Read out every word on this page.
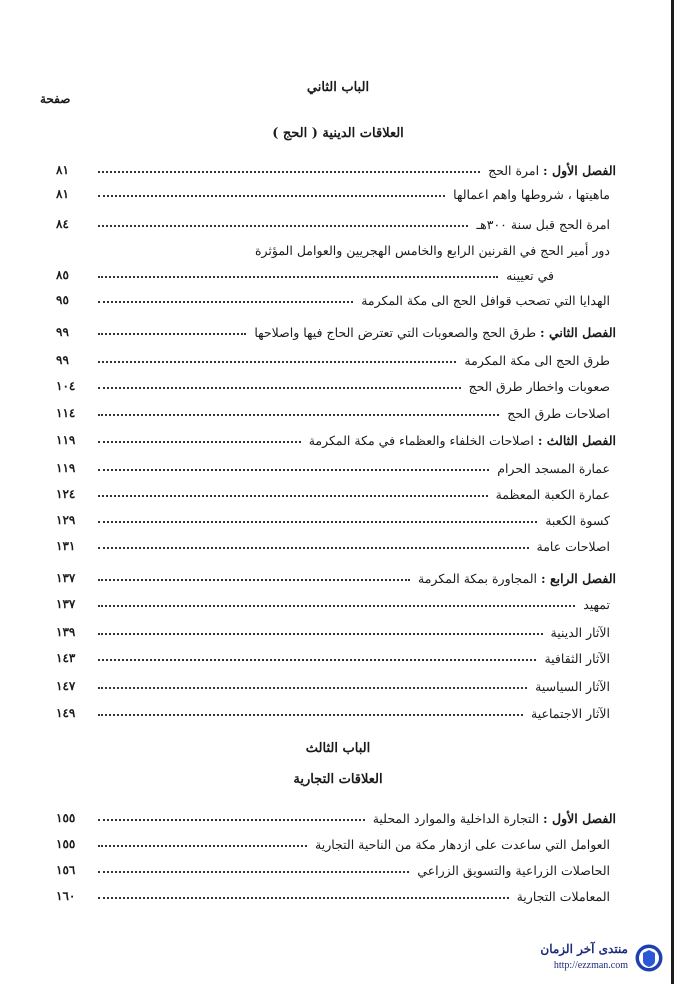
صفحة
الباب الثاني
العلاقات الدينية ( الحج )
الفصل الأول : امرة الحج
٨١
ماهيتها ، شروطها واهم اعمالها
٨١
امرة الحج قبل سنة ٣٠٠هـ
٨٤
دور أمير الحج في القرنين الرابع والخامس الهجريين والعوامل المؤثرة
في تعيينه
٨٥
الهدايا التي تصحب قوافل الحج الى مكة المكرمة
٩٥
الفصل الثاني : طرق الحج والصعوبات التي تعترض الحاج فيها واصلاحها
٩٩
طرق الحج الى مكة المكرمة
٩٩
صعوبات واخطار طرق الحج
١٠٤
اصلاحات طرق الحج
١١٤
الفصل الثالث : اصلاحات الخلفاء والعظماء في مكة المكرمة
١١٩
عمارة المسجد الحرام
١١٩
عمارة الكعبة المعظمة
١٢٤
كسوة الكعبة
١٢٩
اصلاحات عامة
١٣١
الفصل الرابع : المجاورة بمكة المكرمة
١٣٧
تمهيد
١٣٧
الآثار الدينية
١٣٩
الآثار الثقافية
١٤٣
الآثار السياسية
١٤٧
الآثار الاجتماعية
١٤٩
الباب الثالث
العلاقات التجارية
الفصل الأول : التجارة الداخلية والموارد المحلية
١٥٥
العوامل التي ساعدت على ازدهار مكة من الناحية التجارية
١٥٥
الحاصلات الزراعية والتسويق الزراعي
١٥٦
المعاملات التجارية
١٦٠
منتدى آخر الزمان
http://ezzman.com
